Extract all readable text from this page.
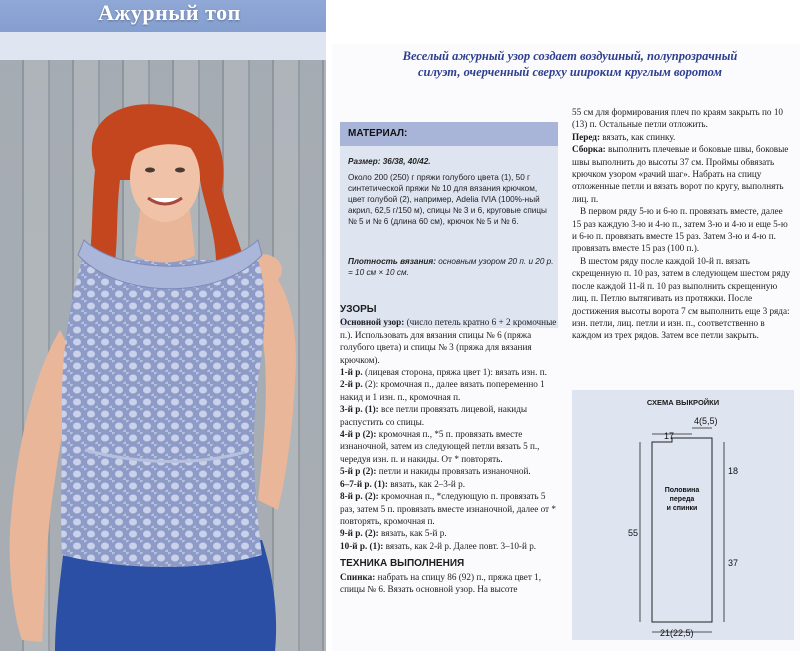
Ажурный топ
Веселый ажурный узор создает воздушный, полупрозрачный силуэт, очерченный сверху широким круглым воротом
МАТЕРИАЛ:
Размер: 36/38, 40/42.
Около 200 (250) г пряжи голубого цвета (1), 50 г синтетической пряжи № 10 для вязания крючком, цвет голубой (2), например, Adelia IVIA (100%-ный акрил, 62,5 г/150 м), спицы № 3 и 6, круговые спицы № 5 и № 6 (длина 60 см), крючок № 5 и № 6.
Плотность вязания: основным узором 20 п. и 20 р. = 10 см × 10 см.

УЗОРЫ

Основной узор: (число петель кратно 6 + 2 кромочные п.). Использовать для вязания спицы № 6 (пряжа голубого цвета) и спицы № 3 (пряжа для вязания крючком).

1-й р. (лицевая сторона, пряжа цвет 1): вязать изн. п.

2-й р. (2): кромочная п., далее вязать попеременно 1 накид и 1 изн. п., кромочная п.

3-й р. (1): все петли провязать лицевой, накиды распустить со спицы.

4-й р (2): кромочная п., *5 п. провязать вместе изнаночной, затем из следующей петли вязать 5 п., чередуя изн. п. и накиды. От * повторять.

5-й р (2): петли и накиды провязать изнаночной.

6–7-й р. (1): вязать, как 2–3-й р.

8-й р. (2): кромочная п., *следующую п. провязать 5 раз, затем 5 п. провязать вместе изнаночной, далее от * повторять, кромочная п.

9-й р. (2): вязать, как 5-й р.

10-й р. (1): вязать, как 2-й р. Далее повт. 3–10-й р.

ТЕХНИКА ВЫПОЛНЕНИЯ

Спинка: набрать на спицу 86 (92) п., пряжа цвет 1, спицы № 6. Вязать основной узор. На высоте

55 см для формирования плеч по краям закрыть по 10 (13) п. Остальные петли отложить.

Перед: вязать, как спинку.

Сборка: выполнить плечевые и боковые швы, боковые швы выполнить до высоты 37 см. Проймы обвязать крючком узором «рачий шаг». Набрать на спицу отложенные петли и вязать ворот по кругу, выполнять лиц. п.

В первом ряду 5-ю и 6-ю п. провязать вместе, далее 15 раз каждую 3-ю и 4-ю п., затем 3-ю и 4-ю и еще 5-ю и 6-ю п. провязать вместе 15 раз. Затем 3-ю и 4-ю п. провязать вместе 15 раз (100 п.).

В шестом ряду после каждой 10-й п. вязать скрещенную п. 10 раз, затем в следующем шестом ряду после каждой 11-й п. 10 раз выполнить скрещенную лиц. п. Петлю вытягивать из протяжки. После достижения высоты ворота 7 см выполнить еще 3 ряда: изн. петли, лиц. петли и изн. п., соответственно в каждом из трех рядов. Затем все петли закрыть.

СХЕМА ВЫКРОЙКИ
4(5,5)
17
55
18
37
21(22,5)
Половина
переда
и спинки
